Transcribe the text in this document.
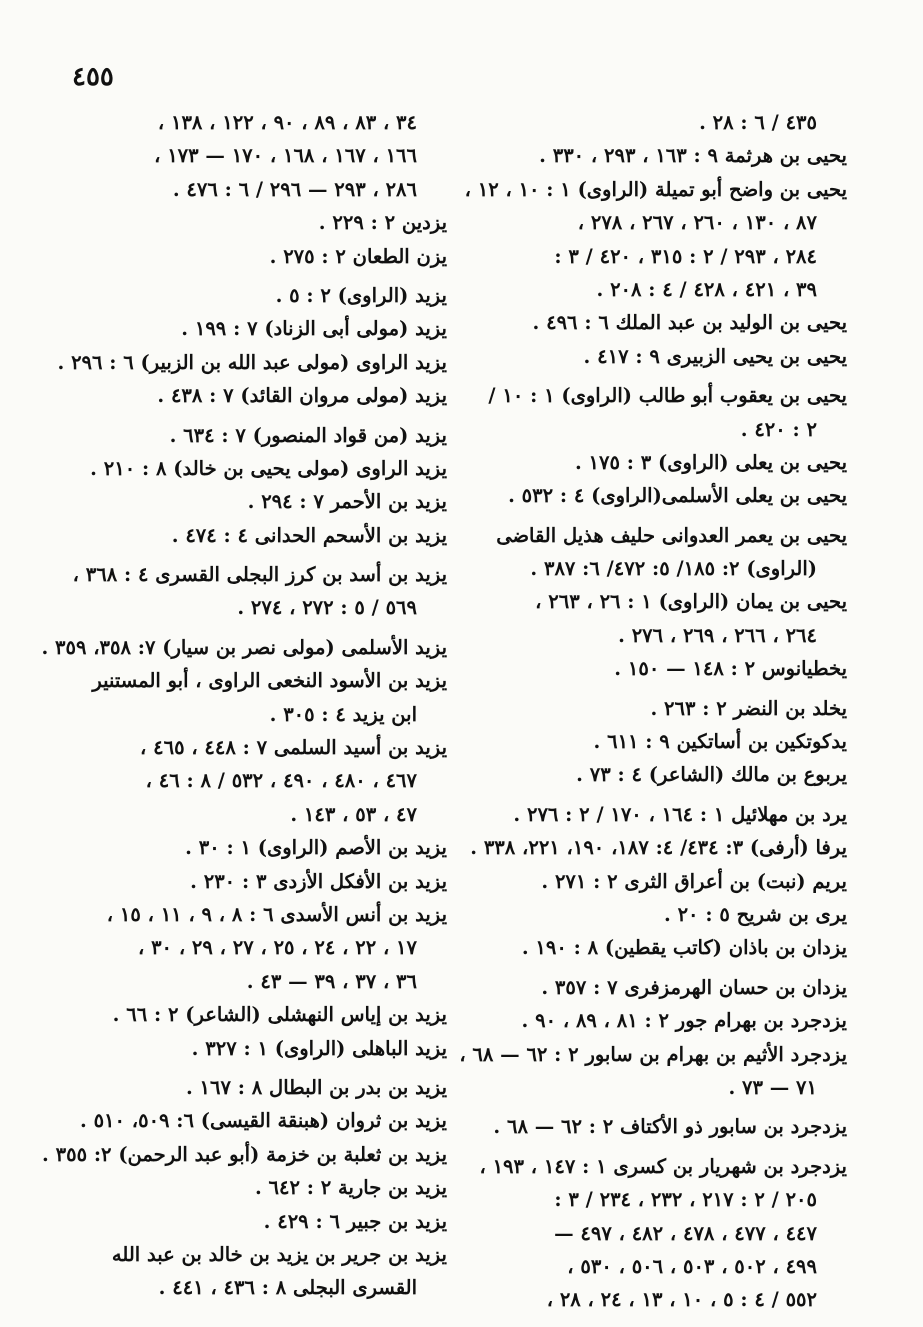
٤٥٥
٤٣٥ / ٦ : ٢٨ .
يحيى بن هرثمة ٩ : ١٦٣ ، ٢٩٣ ، ٣٣٠ .
يحيى بن واضح أبو تميلة (الراوى) ١ : ١٠ ، ١٢ ،
٨٧ ، ١٣٠ ، ٢٦٠ ، ٢٦٧ ، ٢٧٨ ،
٢٨٤ ، ٢٩٣ / ٢ : ٣١٥ ، ٤٢٠ / ٣ :
٣٩ ، ٤٢١ ، ٤٢٨ / ٤ : ٢٠٨ .
يحيى بن الوليد بن عبد الملك ٦ : ٤٩٦ .
يحيى بن يحيى الزبيرى ٩ : ٤١٧ .
يحيى بن يعقوب أبو طالب (الراوى) ١ : ١٠ /
٢ : ٤٢٠ .
يحيى بن يعلى (الراوى) ٣ : ١٧٥ .
يحيى بن يعلى الأسلمى(الراوى) ٤ : ٥٣٢ .
يحيى بن يعمر العدوانى حليف هذيل القاضى
(الراوى) ٢: ١٨٥/ ٥: ٤٧٢/ ٦: ٣٨٧ .
يحيى بن يمان (الراوى) ١ : ٢٦ ، ٢٦٣ ،
٢٦٤ ، ٢٦٦ ، ٢٦٩ ، ٢٧٦ .
يخطيانوس ٢ : ١٤٨ — ١٥٠ .
يخلد بن النضر ٢ : ٢٦٣ .
يدكوتكين بن أساتكين ٩ : ٦١١ .
يربوع بن مالك (الشاعر) ٤ : ٧٣ .
يرد بن مهلائيل ١ : ١٦٤ ، ١٧٠ / ٢ : ٢٧٦ .
يرفا (أرفى) ٣: ٤٣٤/ ٤: ١٨٧، ١٩٠، ٢٢١، ٣٣٨ .
يريم (نبت) بن أعراق الثرى ٢ : ٢٧١ .
يرى بن شريح ٥ : ٢٠ .
يزدان بن باذان (كاتب يقطين) ٨ : ١٩٠ .
يزدان بن حسان الهرمزفرى ٧ : ٣٥٧ .
يزدجرد بن بهرام جور ٢ : ٨١ ، ٨٩ ، ٩٠ .
يزدجرد الأثيم بن بهرام بن سابور ٢ : ٦٢ — ٦٨ ،
٧١ — ٧٣ .
يزدجرد بن سابور ذو الأكتاف ٢ : ٦٢ — ٦٨ .
يزدجرد بن شهريار بن كسرى ١ : ١٤٧ ، ١٩٣ ،
٢٠٥ / ٢ : ٢١٧ ، ٢٣٢ ، ٢٣٤ / ٣ :
٤٤٧ ، ٤٧٧ ، ٤٧٨ ، ٤٨٢ ، ٤٩٧ —
٤٩٩ ، ٥٠٢ ، ٥٠٣ ، ٥٠٦ ، ٥٣٠ ،
٥٥٢ / ٤ : ٥ ، ١٠ ، ١٣ ، ٢٤ ، ٢٨ ،
٣٤ ، ٨٣ ، ٨٩ ، ٩٠ ، ١٢٢ ، ١٣٨ ،
١٦٦ ، ١٦٧ ، ١٦٨ ، ١٧٠ — ١٧٣ ،
٢٨٦ ، ٢٩٣ — ٢٩٦ / ٦ : ٤٧٦ .
يزدين ٢ : ٢٢٩ .
يزن الطعان ٢ : ٢٧٥ .
يزيد (الراوى) ٢ : ٥ .
يزيد (مولى أبى الزناد) ٧ : ١٩٩ .
يزيد الراوى (مولى عبد الله بن الزبير) ٦ : ٢٩٦ .
يزيد (مولى مروان القائد) ٧ : ٤٣٨ .
يزيد (من قواد المنصور) ٧ : ٦٣٤ .
يزيد الراوى (مولى يحيى بن خالد) ٨ : ٢١٠ .
يزيد بن الأحمر ٧ : ٢٩٤ .
يزيد بن الأسحم الحدانى ٤ : ٤٧٤ .
يزيد بن أسد بن كرز البجلى القسرى ٤ : ٣٦٨ ،
٥٦٩ / ٥ : ٢٧٢ ، ٢٧٤ .
يزيد الأسلمى (مولى نصر بن سيار) ٧: ٣٥٨، ٣٥٩ .
يزيد بن الأسود النخعى الراوى ، أبو المستنير
ابن يزيد ٤ : ٣٠٥ .
يزيد بن أسيد السلمى ٧ : ٤٤٨ ، ٤٦٥ ،
٤٦٧ ، ٤٨٠ ، ٤٩٠ ، ٥٣٢ / ٨ : ٤٦ ،
٤٧ ، ٥٣ ، ١٤٣ .
يزيد بن الأصم (الراوى) ١ : ٣٠ .
يزيد بن الأفكل الأزدى ٣ : ٢٣٠ .
يزيد بن أنس الأسدى ٦ : ٨ ، ٩ ، ١١ ، ١٥ ،
١٧ ، ٢٢ ، ٢٤ ، ٢٥ ، ٢٧ ، ٢٩ ، ٣٠ ،
٣٦ ، ٣٧ ، ٣٩ — ٤٣ .
يزيد بن إياس النهشلى (الشاعر) ٢ : ٦٦ .
يزيد الباهلى (الراوى) ١ : ٣٢٧ .
يزيد بن بدر بن البطال ٨ : ١٦٧ .
يزيد بن ثروان (هبنقة القيسى) ٦: ٥٠٩، ٥١٠ .
يزيد بن ثعلبة بن خزمة (أبو عبد الرحمن) ٢: ٣٥٥ .
يزيد بن جارية ٢ : ٦٤٢ .
يزيد بن جبير ٦ : ٤٢٩ .
يزيد بن جرير بن يزيد بن خالد بن عبد الله
القسرى البجلى ٨ : ٤٣٦ ، ٤٤١ .
